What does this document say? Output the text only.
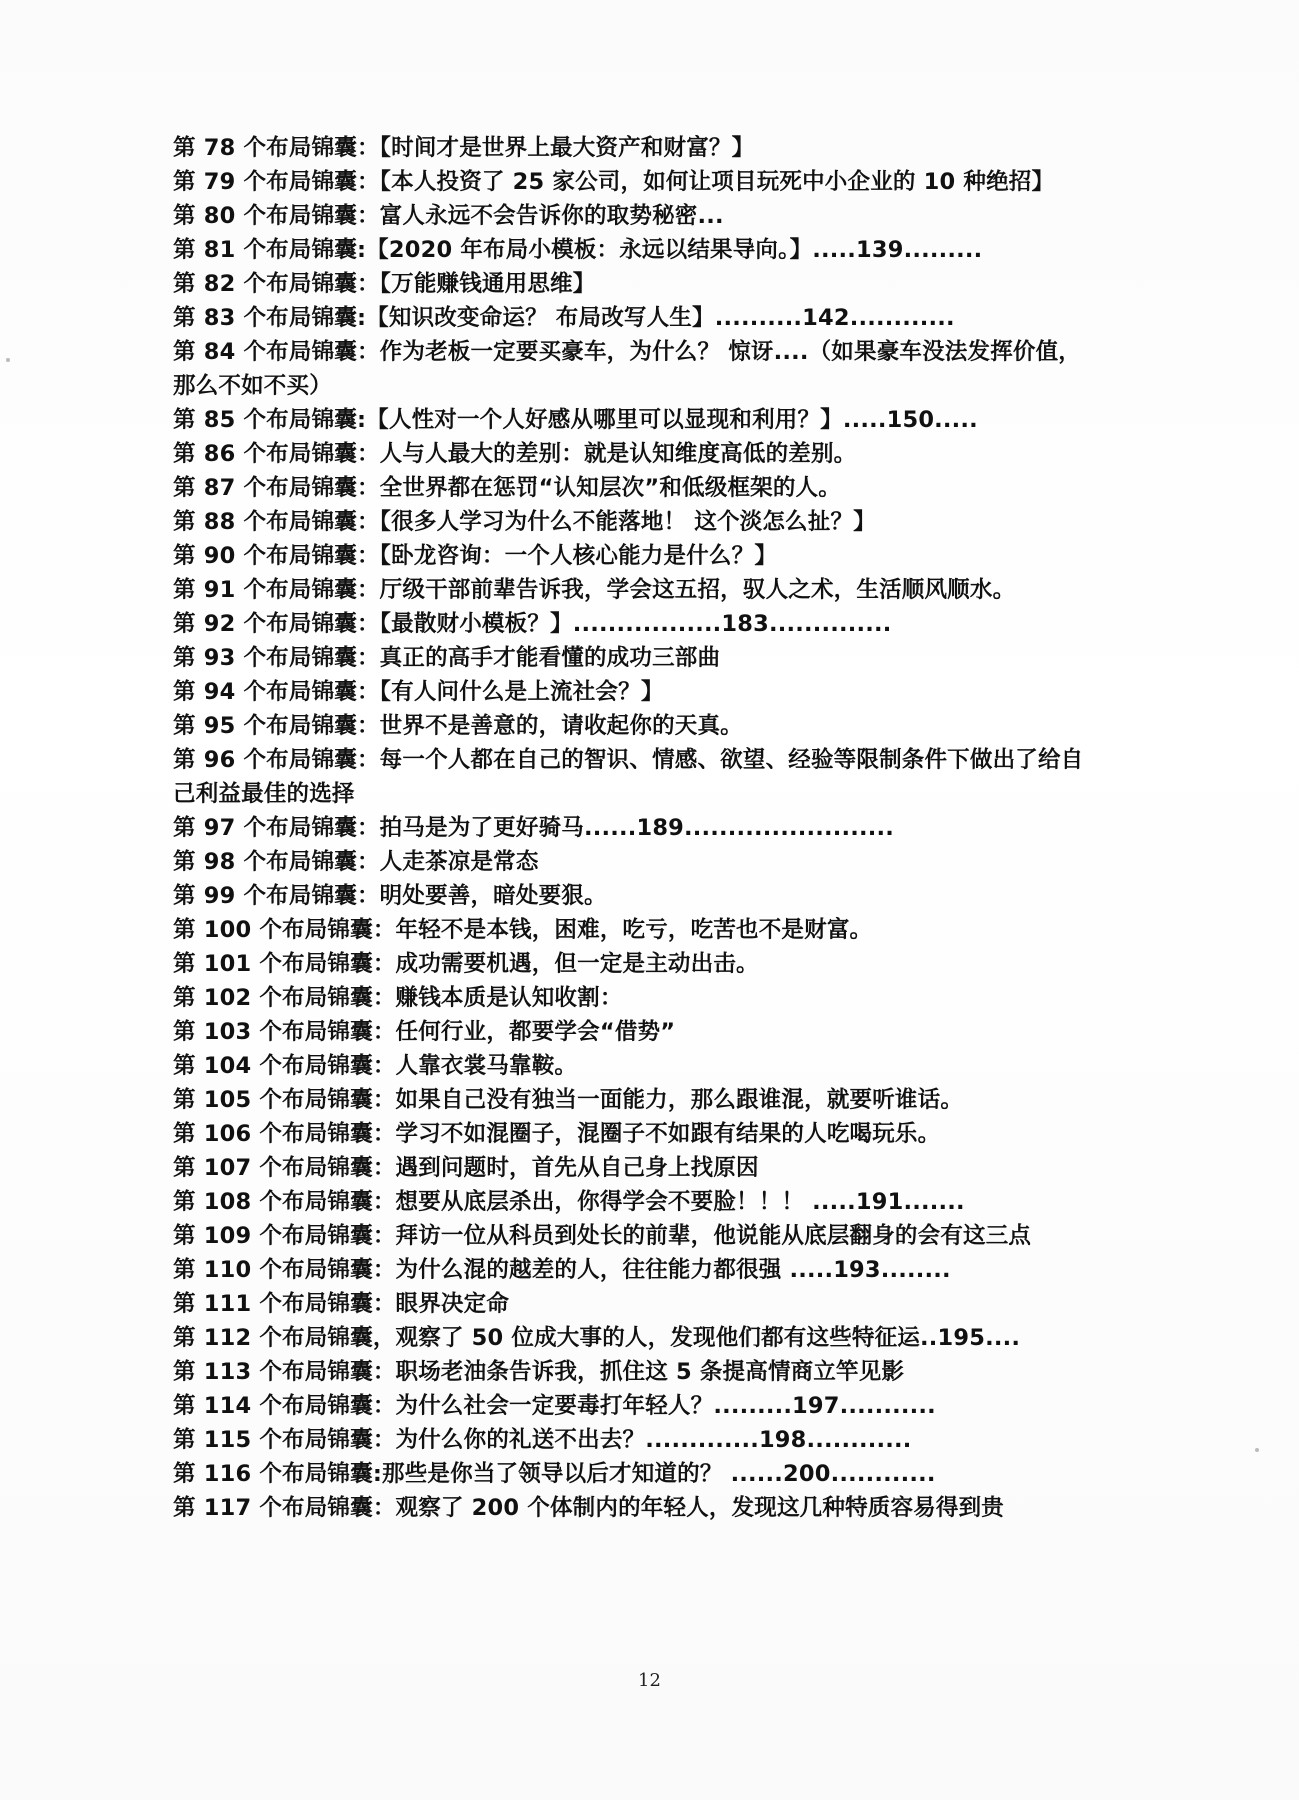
第 78 个布局锦囊：【时间才是世界上最大资产和财富？】

第 79 个布局锦囊：【本人投资了 25 家公司，如何让项目玩死中小企业的 10 种绝招】

第 80 个布局锦囊：富人永远不会告诉你的取势秘密...

第 81 个布局锦囊:【2020 年布局小模板：永远以结果导向。】.....139.........

第 82 个布局锦囊：【万能赚钱通用思维】

第 83 个布局锦囊:【知识改变命运？ 布局改写人生】..........142............

第 84 个布局锦囊：作为老板一定要买豪车，为什么？ 惊讶....（如果豪车没法发挥价值，那么不如不买）

第 85 个布局锦囊:【人性对一个人好感从哪里可以显现和利用？】.....150.....

第 86 个布局锦囊：人与人最大的差别：就是认知维度高低的差别。

第 87 个布局锦囊：全世界都在惩罚“认知层次”和低级框架的人。

第 88 个布局锦囊：【很多人学习为什么不能落地！ 这个淡怎么扯？】

第 90 个布局锦囊：【卧龙咨询：一个人核心能力是什么？】

第 91 个布局锦囊：厅级干部前辈告诉我，学会这五招，驭人之术，生活顺风顺水。

第 92 个布局锦囊：【最散财小模板？】.................183..............

第 93 个布局锦囊：真正的高手才能看懂的成功三部曲

第 94 个布局锦囊：【有人问什么是上流社会？】

第 95 个布局锦囊：世界不是善意的，请收起你的天真。

第 96 个布局锦囊：每一个人都在自己的智识、情感、欲望、经验等限制条件下做出了给自己利益最佳的选择

第 97 个布局锦囊：拍马是为了更好骑马......189........................

第 98 个布局锦囊：人走茶凉是常态

第 99 个布局锦囊：明处要善，暗处要狠。

第 100 个布局锦囊：年轻不是本钱，困难，吃亏，吃苦也不是财富。

第 101 个布局锦囊：成功需要机遇，但一定是主动出击。

第 102 个布局锦囊：赚钱本质是认知收割：

第 103 个布局锦囊：任何行业，都要学会“借势”

第 104 个布局锦囊：人靠衣裳马靠鞍。

第 105 个布局锦囊：如果自己没有独当一面能力，那么跟谁混，就要听谁话。

第 106 个布局锦囊：学习不如混圈子，混圈子不如跟有结果的人吃喝玩乐。

第 107 个布局锦囊：遇到问题时，首先从自己身上找原因

第 108 个布局锦囊：想要从底层杀出，你得学会不要脸！！！ .....191.......

第 109 个布局锦囊：拜访一位从科员到处长的前辈，他说能从底层翻身的会有这三点

第 110 个布局锦囊：为什么混的越差的人，往往能力都很强 .....193........

第 111 个布局锦囊：眼界决定命

第 112 个布局锦囊，观察了 50 位成大事的人，发现他们都有这些特征运..195....

第 113 个布局锦囊：职场老油条告诉我，抓住这 5 条提高情商立竿见影

第 114 个布局锦囊：为什么社会一定要毒打年轻人？.........197...........

第 115 个布局锦囊：为什么你的礼送不出去？.............198............

第 116 个布局锦囊:那些是你当了领导以后才知道的？ ......200............

第 117 个布局锦囊：观察了 200 个体制内的年轻人，发现这几种特质容易得到贵

12
